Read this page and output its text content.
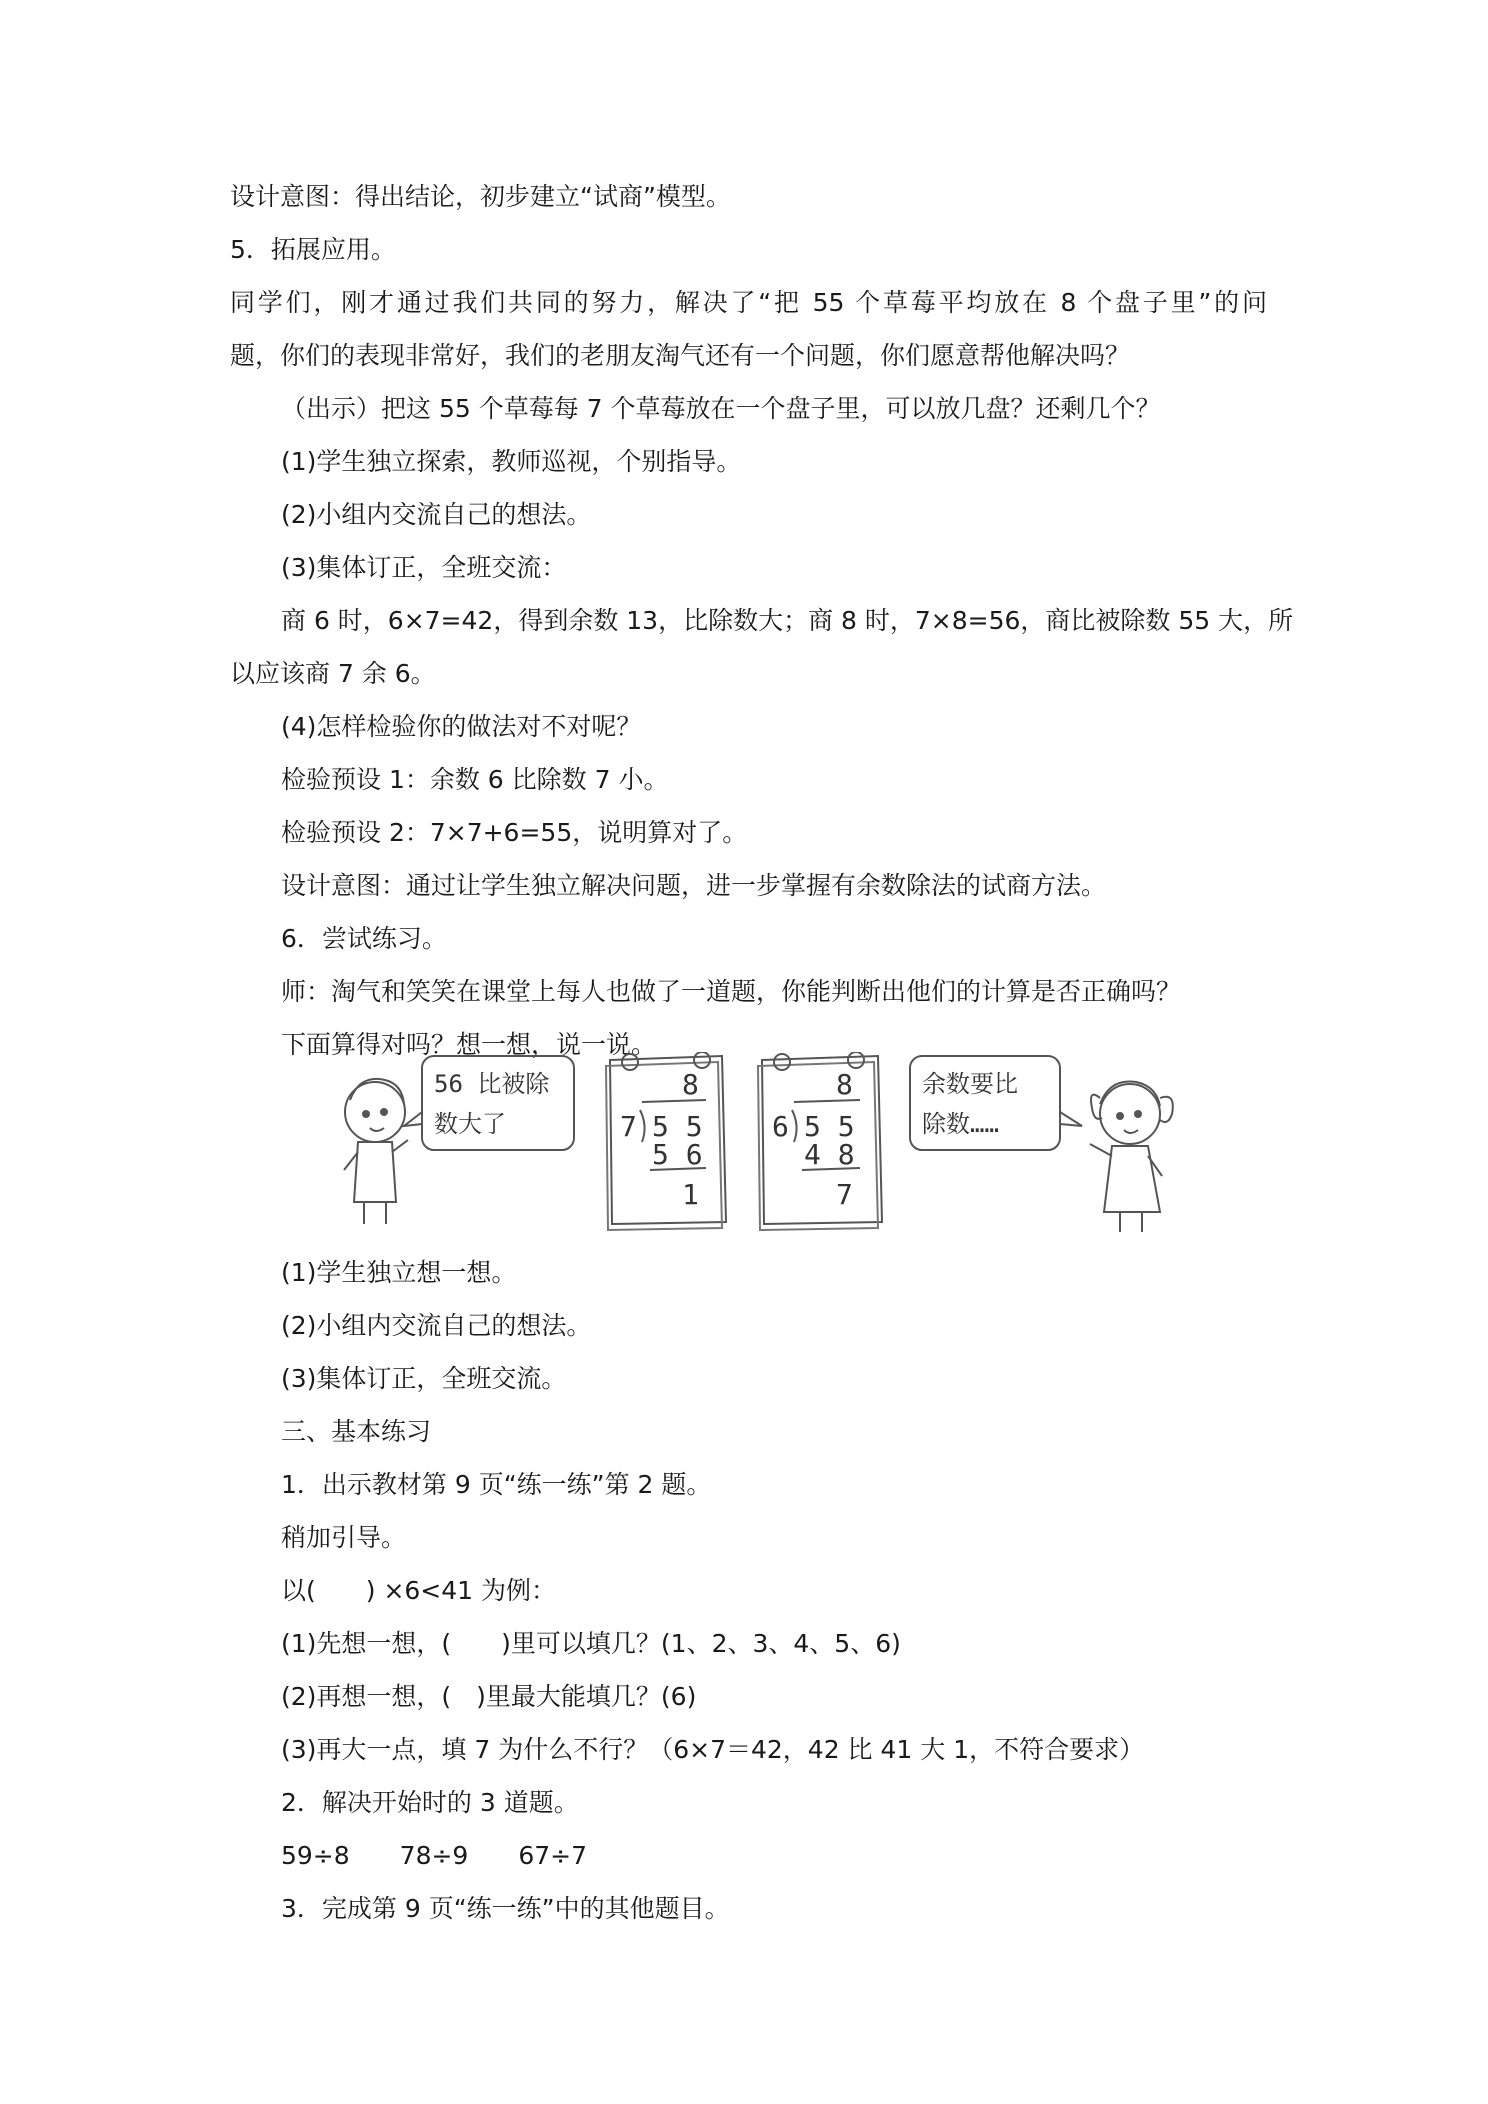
设计意图：得出结论，初步建立“试商”模型。
5．拓展应用。
同学们，刚才通过我们共同的努力，解决了“把 55 个草莓平均放在 8 个盘子里”的问
题，你们的表现非常好，我们的老朋友淘气还有一个问题，你们愿意帮他解决吗？
（出示）把这 55 个草莓每 7 个草莓放在一个盘子里，可以放几盘？还剩几个？
(1)学生独立探索，教师巡视，个别指导。
(2)小组内交流自己的想法。
(3)集体订正，全班交流：
商 6 时，6×7=42，得到余数 13，比除数大；商 8 时，7×8=56，商比被除数 55 大，所
以应该商 7 余 6。
(4)怎样检验你的做法对不对呢？
检验预设 1：余数 6 比除数 7 小。
检验预设 2：7×7+6=55，说明算对了。
设计意图：通过让学生独立解决问题，进一步掌握有余数除法的试商方法。
6．尝试练习。
师：淘气和笑笑在课堂上每人也做了一道题，你能判断出他们的计算是否正确吗？
下面算得对吗？想一想，说一说。
56 比被除
数大了
余数要比
除数……
8
7 5 5
5 6
1
8
6 5 5
4 8
7
(1)学生独立想一想。
(2)小组内交流自己的想法。
(3)集体订正，全班交流。
三、基本练习
1．出示教材第 9 页“练一练”第 2 题。
稍加引导。
以(　　) ×6<41 为例：
(1)先想一想，(　　)里可以填几？(1、2、3、4、5、6)
(2)再想一想，(　)里最大能填几？(6)
(3)再大一点，填 7 为什么不行？（6×7＝42，42 比 41 大 1，不符合要求）
2．解决开始时的 3 道题。
59÷8　　78÷9　　67÷7
3．完成第 9 页“练一练”中的其他题目。
